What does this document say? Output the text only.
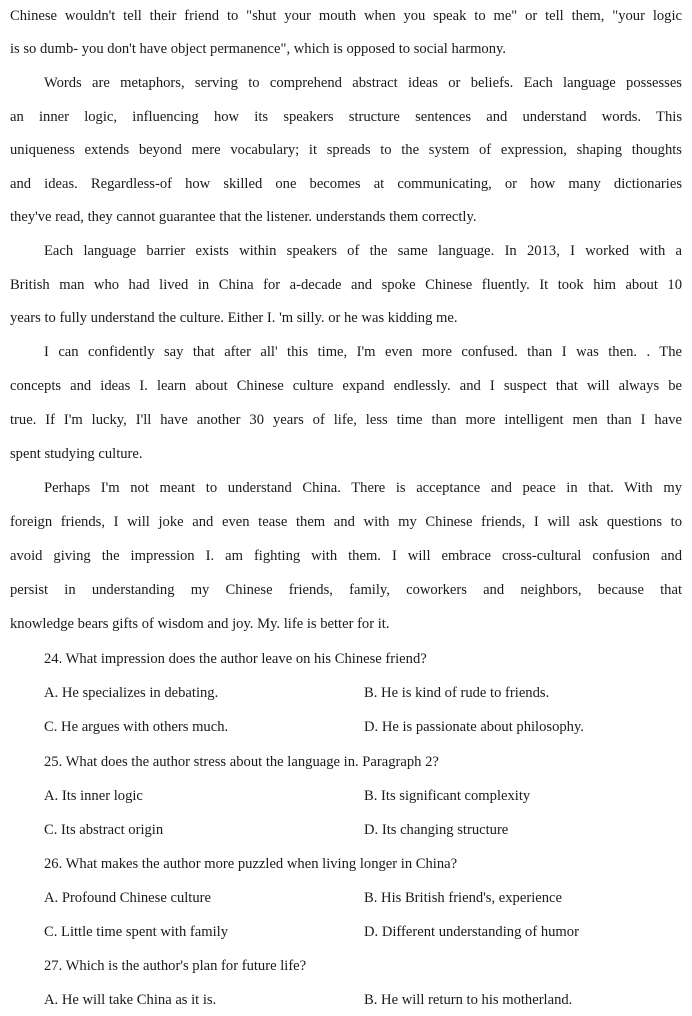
Chinese wouldn't tell their friend to "shut your mouth when you speak to me" or tell them, "your logic
is so dumb- you don't have object permanence", which is opposed to social harmony.
Words are metaphors, serving to comprehend abstract ideas or beliefs. Each language possesses
an inner logic, influencing how its speakers structure sentences and understand words. This
uniqueness extends beyond mere vocabulary; it spreads to the system of expression, shaping thoughts
and ideas. Regardless-of how skilled one becomes at communicating, or how many dictionaries
they've read, they cannot guarantee that the listener. understands them correctly.
Each language barrier exists within speakers of the same language. In 2013, I worked with a
British man who had lived in China for a-decade and spoke Chinese fluently. It took him about 10
years to fully understand the culture. Either I. 'm silly. or he was kidding me.
I can confidently say that after all' this time, I'm even more confused. than I was then. . The
concepts and ideas I. learn about Chinese culture expand endlessly. and I suspect that will always be
true. If I'm lucky, I'll have another 30 years of life, less time than more intelligent men than I have
spent studying culture.
Perhaps I'm not meant to understand China. There is acceptance and peace in that. With my
foreign friends, I will joke and even tease them and with my Chinese friends, I will ask questions to
avoid giving the impression I. am fighting with them. I will embrace cross-cultural confusion and
persist in understanding my Chinese friends, family, coworkers and neighbors, because that
knowledge bears gifts of wisdom and joy. My. life is better for it.
24. What impression does the author leave on his Chinese friend?
A. He specializes in debating.	B. He is kind of rude to friends.
C. He argues with others much.	D. He is passionate about philosophy.
25. What does the author stress about the language in. Paragraph 2?
A. Its inner logic	B. Its significant complexity
C. Its abstract origin	D. Its changing structure
26. What makes the author more puzzled when living longer in China?
A. Profound Chinese culture	B. His British friend's, experience
C. Little time spent with family	D. Different understanding of humor
27. Which is the author's plan for future life?
A. He will take China as it is.	B. He will return to his motherland.
